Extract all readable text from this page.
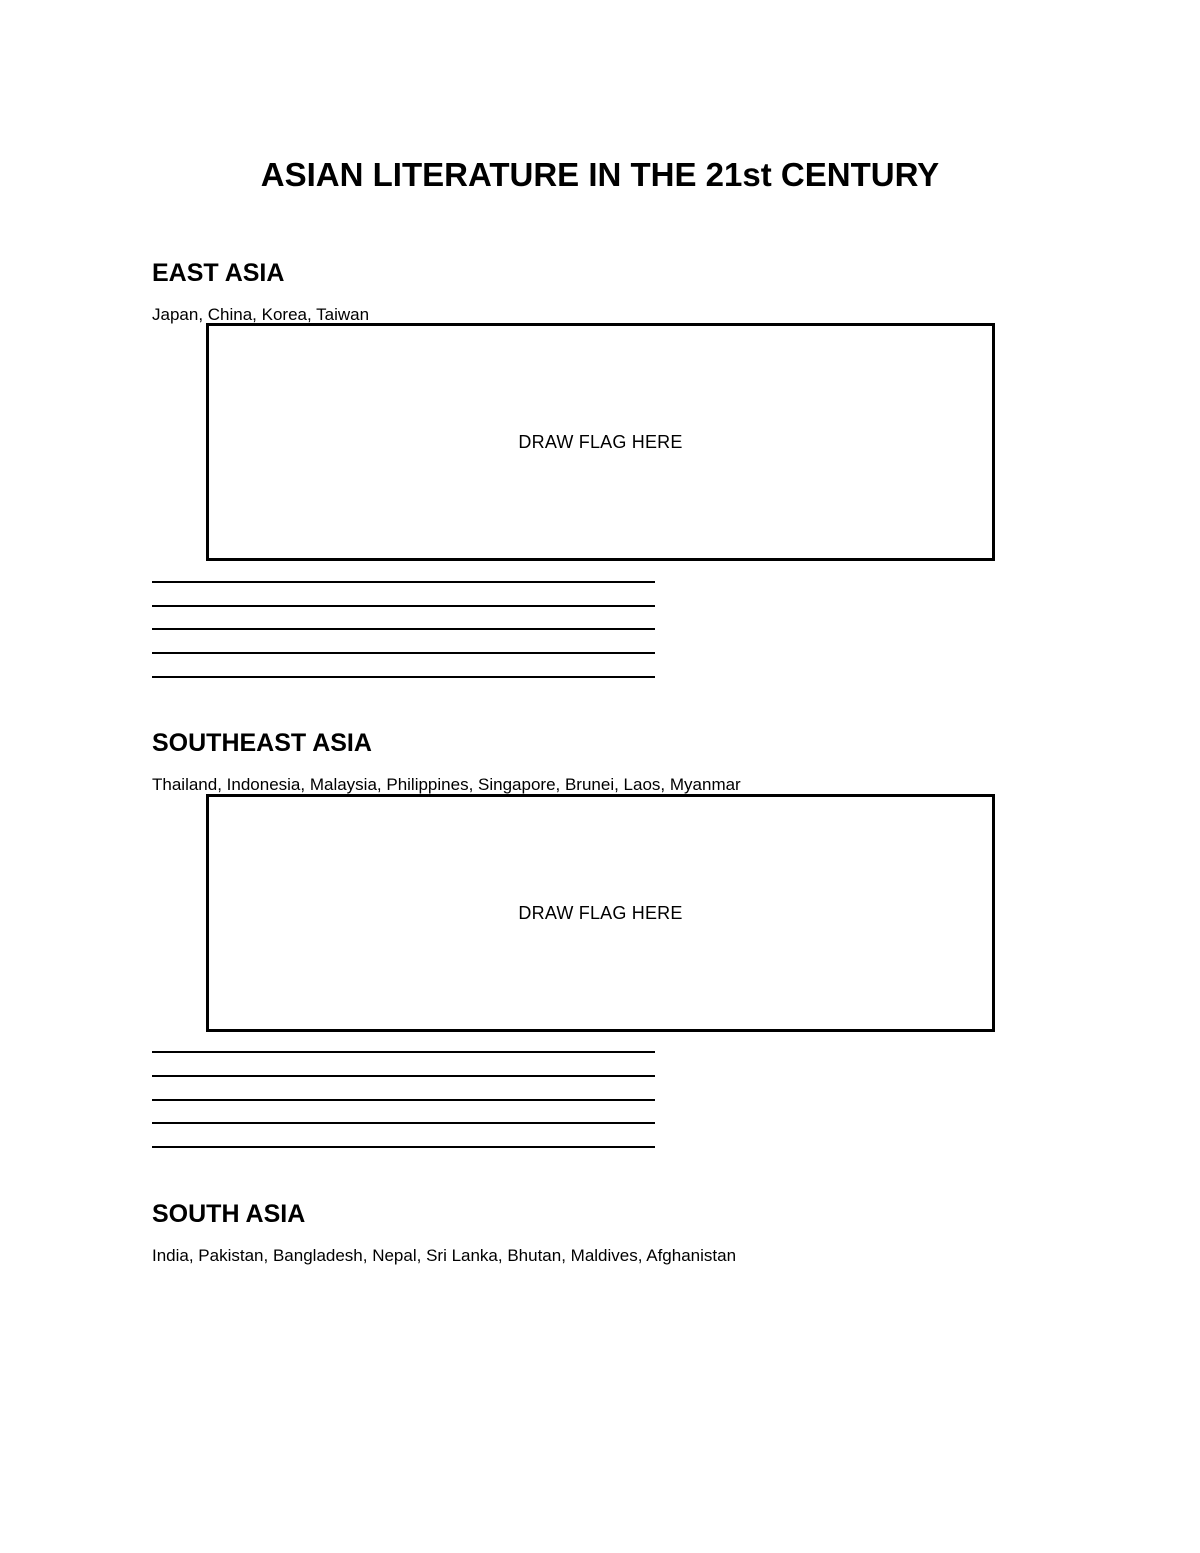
ASIAN LITERATURE IN THE 21st CENTURY
EAST ASIA
Japan, China, Korea, Taiwan
DRAW FLAG HERE
SOUTHEAST ASIA
Thailand, Indonesia, Malaysia, Philippines, Singapore, Brunei, Laos, Myanmar
DRAW FLAG HERE
SOUTH ASIA
India, Pakistan, Bangladesh, Nepal, Sri Lanka, Bhutan, Maldives, Afghanistan
